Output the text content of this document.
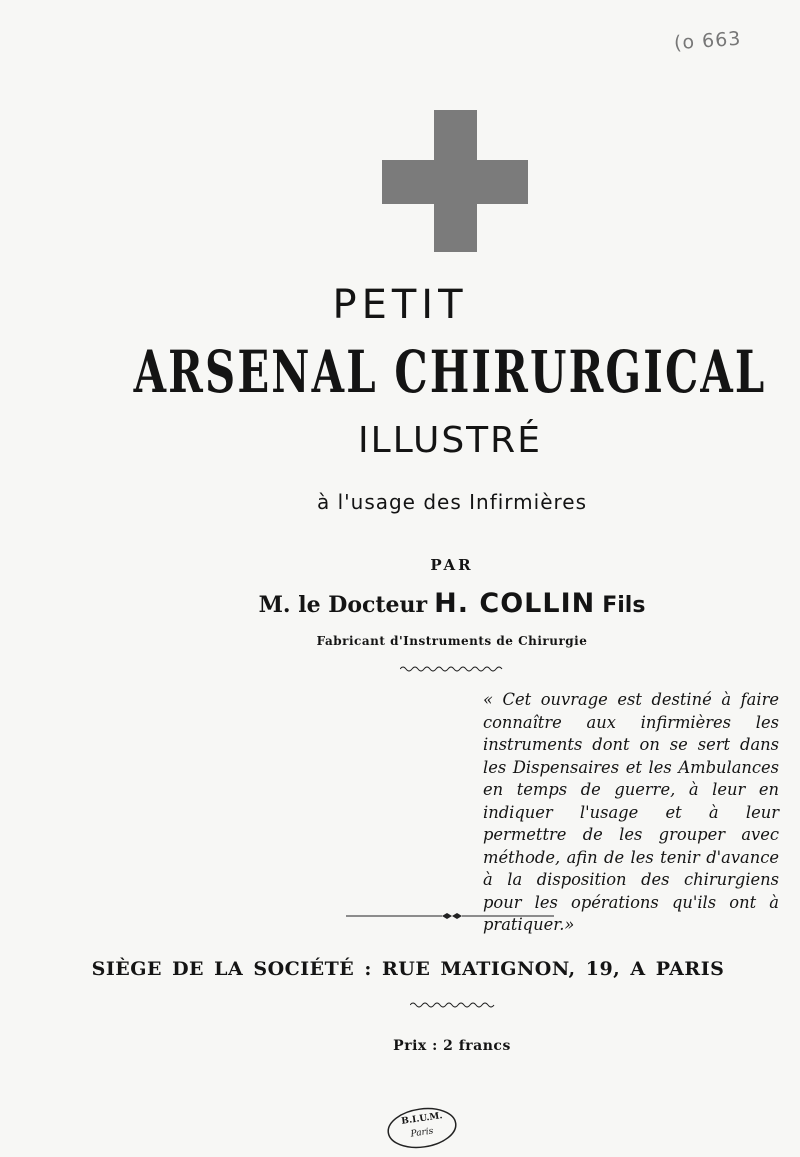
(o 663
PETIT
ARSENAL CHIRURGICAL
ILLUSTRÉ
à l'usage des Infirmières
PAR
M. le Docteur H. COLLIN Fils
Fabricant d'Instruments de Chirurgie
« Cet ouvrage est destiné à faire connaître aux infirmières les instruments dont on se sert dans les Dispensaires et les Ambulances en temps de guerre, à leur en indiquer l'usage et à leur permettre de les grouper avec méthode, afin de les tenir d'avance à la disposition des chirurgiens pour les opérations qu'ils ont à pratiquer.»
SIÈGE DE LA SOCIÉTÉ : RUE MATIGNON, 19, A PARIS
Prix : 2 francs
B.I.U.M.
Paris
